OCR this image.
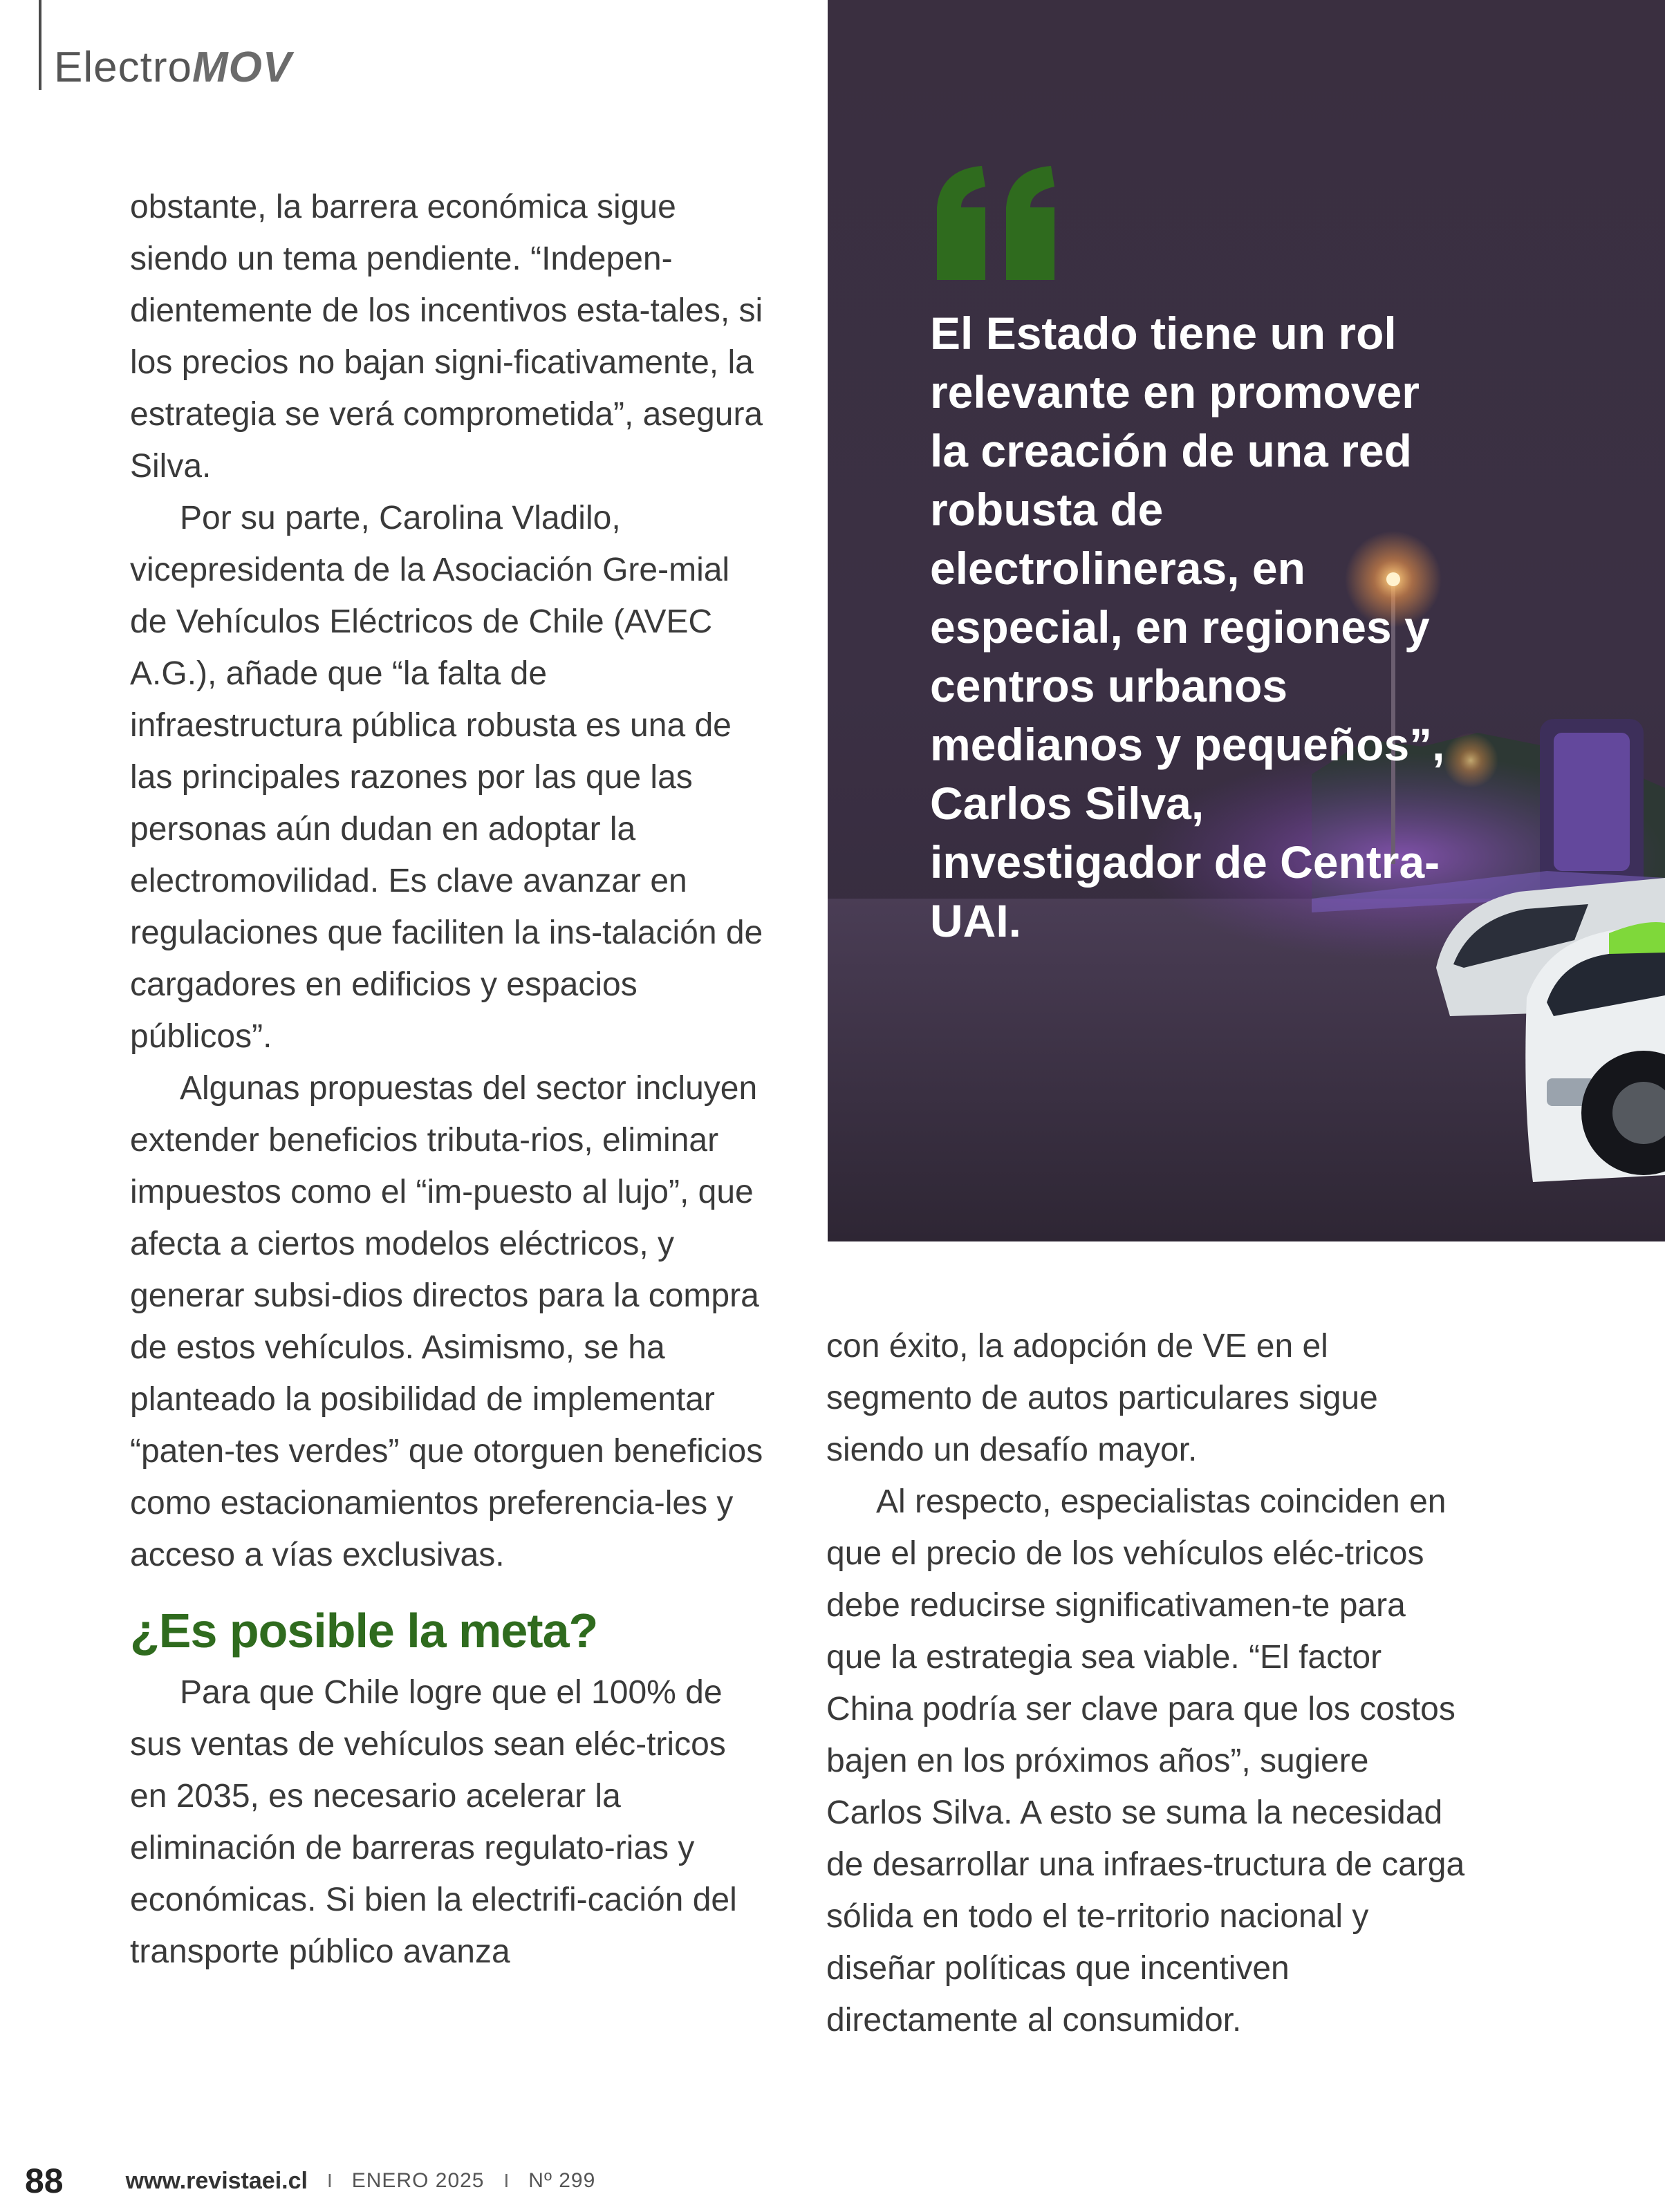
ElectroMOV

obstante, la barrera económica sigue siendo un tema pendiente. “Indepen-dientemente de los incentivos esta-tales, si los precios no bajan signi-ficativamente, la estrategia se verá comprometida”, asegura Silva.

Por su parte, Carolina Vladilo, vicepresidenta de la Asociación Gre-mial de Vehículos Eléctricos de Chile (AVEC A.G.), añade que “la falta de infraestructura pública robusta es una de las principales razones por las que las personas aún dudan en adoptar la electromovilidad. Es clave avanzar en regulaciones que faciliten la ins-talación de cargadores en edificios y espacios públicos”.

Algunas propuestas del sector incluyen extender beneficios tributa-rios, eliminar impuestos como el “im-puesto al lujo”, que afecta a ciertos modelos eléctricos, y generar subsi-dios directos para la compra de estos vehículos. Asimismo, se ha planteado la posibilidad de implementar “paten-tes verdes” que otorguen beneficios como estacionamientos preferencia-les y acceso a vías exclusivas.

¿Es posible la meta?

Para que Chile logre que el 100% de sus ventas de vehículos sean eléc-tricos en 2035, es necesario acelerar la eliminación de barreras regulato-rias y económicas. Si bien la electrifi-cación del transporte público avanza

El Estado tiene un rol relevante en promover la creación de una red robusta de electrolineras, en especial, en regiones y centros urbanos medianos y pequeños”, Carlos Silva, investigador de Centra-UAI.

con éxito, la adopción de VE en el segmento de autos particulares sigue siendo un desafío mayor.

Al respecto, especialistas coinciden en que el precio de los vehículos eléc-tricos debe reducirse significativamen-te para que la estrategia sea viable. “El factor China podría ser clave para que los costos bajen en los próximos años”, sugiere Carlos Silva. A esto se suma la necesidad de desarrollar una infraes-tructura de carga sólida en todo el te-rritorio nacional y diseñar políticas que incentiven directamente al consumidor.

88	www.revistaei.cl I ENERO 2025 I Nº 299
